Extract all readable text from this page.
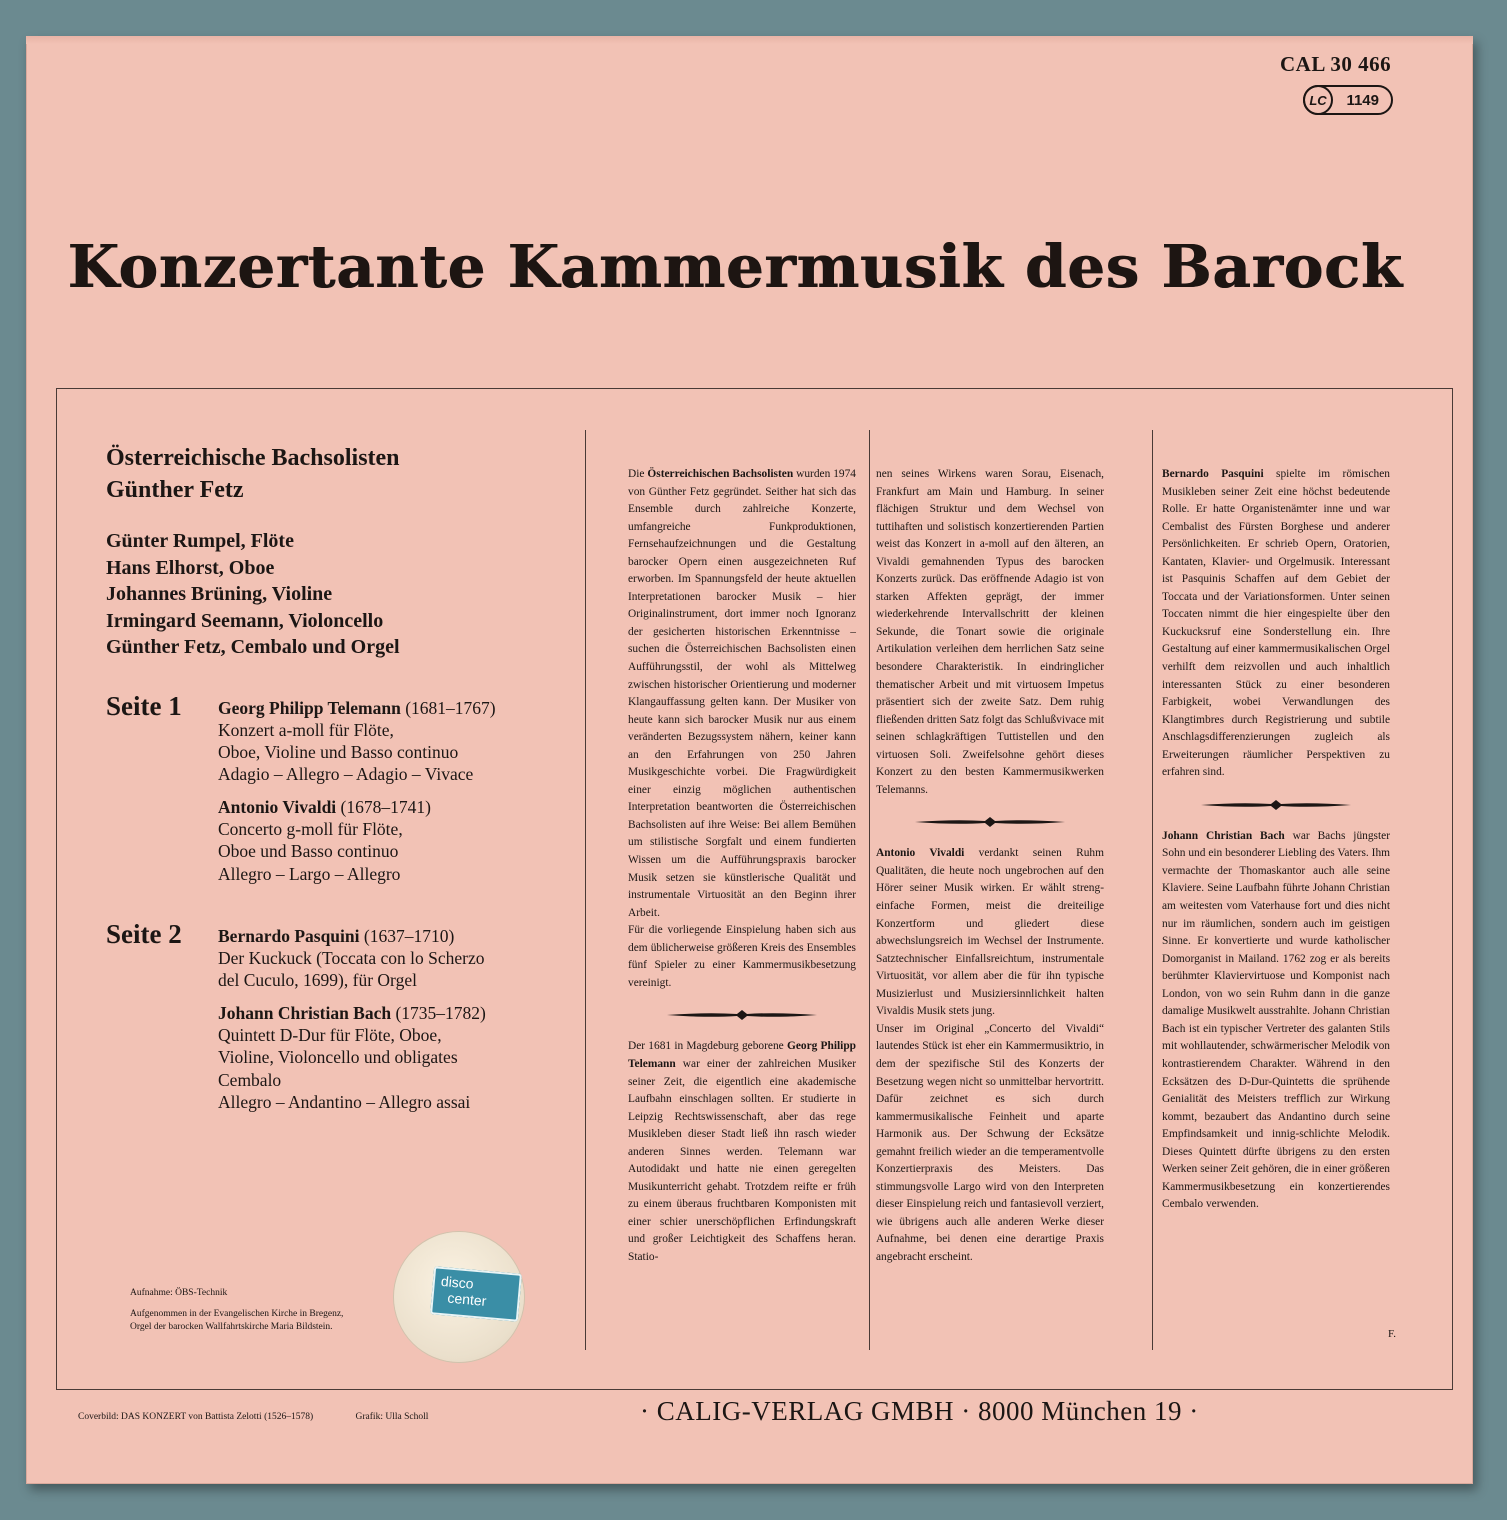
CAL 30 466
LC	1149
Konzertante Kammermusik des Barock
Österreichische Bachsolisten
Günther Fetz
Günter Rumpel, Flöte
Hans Elhorst, Oboe
Johannes Brüning, Violine
Irmingard Seemann, Violoncello
Günther Fetz, Cembalo und Orgel
Seite 1 Georg Philipp Telemann (1681–1767)
Konzert a-moll für Flöte,
Oboe, Violine und Basso continuo
Adagio – Allegro – Adagio – Vivace
Antonio Vivaldi (1678–1741)
Concerto g-moll für Flöte,
Oboe und Basso continuo
Allegro – Largo – Allegro
Seite 2 Bernardo Pasquini (1637–1710)
Der Kuckuck (Toccata con lo Scherzo
del Cuculo, 1699), für Orgel
Johann Christian Bach (1735–1782)
Quintett D-Dur für Flöte, Oboe,
Violine, Violoncello und obligates
Cembalo
Allegro – Andantino – Allegro assai
Aufnahme: ÖBS-Technik
Aufgenommen in der Evangelischen Kirche in Bregenz,
Orgel der barocken Wallfahrtskirche Maria Bildstein.
disco
center

Die Österreichischen Bachsolisten wurden 1974 von Günther Fetz gegründet. Seither hat sich das Ensemble durch zahlreiche Konzerte, umfangreiche Funkproduktionen, Fernsehaufzeichnungen und die Gestaltung barocker Opern einen ausgezeichneten Ruf erworben. Im Spannungsfeld der heute aktuellen Interpretationen barocker Musik – hier Originalinstrument, dort immer noch Ignoranz der gesicherten historischen Erkenntnisse – suchen die Österreichischen Bachsolisten einen Aufführungsstil, der wohl als Mittelweg zwischen historischer Orientierung und moderner Klangauffassung gelten kann. Der Musiker von heute kann sich barocker Musik nur aus einem veränderten Bezugssystem nähern, keiner kann an den Erfahrungen von 250 Jahren Musikgeschichte vorbei. Die Fragwürdigkeit einer einzig möglichen authentischen Interpretation beantworten die Österreichischen Bachsolisten auf ihre Weise: Bei allem Bemühen um stilistische Sorgfalt und einem fundierten Wissen um die Aufführungspraxis barocker Musik setzen sie künstlerische Qualität und instrumentale Virtuosität an den Beginn ihrer Arbeit.

Für die vorliegende Einspielung haben sich aus dem üblicherweise größeren Kreis des Ensembles fünf Spieler zu einer Kammermusikbesetzung vereinigt.

Der 1681 in Magdeburg geborene Georg Philipp Telemann war einer der zahlreichen Musiker seiner Zeit, die eigentlich eine akademische Laufbahn einschlagen sollten. Er studierte in Leipzig Rechtswissenschaft, aber das rege Musikleben dieser Stadt ließ ihn rasch wieder anderen Sinnes werden. Telemann war Autodidakt und hatte nie einen geregelten Musikunterricht gehabt. Trotzdem reifte er früh zu einem überaus fruchtbaren Komponisten mit einer schier unerschöpflichen Erfindungskraft und großer Leichtigkeit des Schaffens heran. Statio-

nen seines Wirkens waren Sorau, Eisenach, Frankfurt am Main und Hamburg. In seiner flächigen Struktur und dem Wechsel von tuttihaften und solistisch konzertierenden Partien weist das Konzert in a-moll auf den älteren, an Vivaldi gemahnenden Typus des barocken Konzerts zurück. Das eröffnende Adagio ist von starken Affekten geprägt, der immer wiederkehrende Intervallschritt der kleinen Sekunde, die Tonart sowie die originale Artikulation verleihen dem herrlichen Satz seine besondere Charakteristik. In eindringlicher thematischer Arbeit und mit virtuosem Impetus präsentiert sich der zweite Satz. Dem ruhig fließenden dritten Satz folgt das Schlußvivace mit seinen schlagkräftigen Tuttistellen und den virtuosen Soli. Zweifelsohne gehört dieses Konzert zu den besten Kammermusikwerken Telemanns.

Antonio Vivaldi verdankt seinen Ruhm Qualitäten, die heute noch ungebrochen auf den Hörer seiner Musik wirken. Er wählt streng-einfache Formen, meist die dreiteilige Konzertform und gliedert diese abwechslungsreich im Wechsel der Instrumente. Satztechnischer Einfallsreichtum, instrumentale Virtuosität, vor allem aber die für ihn typische Musizierlust und Musiziersinnlichkeit halten Vivaldis Musik stets jung.

Unser im Original „Concerto del Vivaldi“ lautendes Stück ist eher ein Kammermusiktrio, in dem der spezifische Stil des Konzerts der Besetzung wegen nicht so unmittelbar hervortritt. Dafür zeichnet es sich durch kammermusikalische Feinheit und aparte Harmonik aus. Der Schwung der Ecksätze gemahnt freilich wieder an die temperamentvolle Konzertierpraxis des Meisters. Das stimmungsvolle Largo wird von den Interpreten dieser Einspielung reich und fantasievoll verziert, wie übrigens auch alle anderen Werke dieser Aufnahme, bei denen eine derartige Praxis angebracht erscheint.

Bernardo Pasquini spielte im römischen Musikleben seiner Zeit eine höchst bedeutende Rolle. Er hatte Organistenämter inne und war Cembalist des Fürsten Borghese und anderer Persönlichkeiten. Er schrieb Opern, Oratorien, Kantaten, Klavier- und Orgelmusik. Interessant ist Pasquinis Schaffen auf dem Gebiet der Toccata und der Variationsformen. Unter seinen Toccaten nimmt die hier eingespielte über den Kuckucksruf eine Sonderstellung ein. Ihre Gestaltung auf einer kammermusikalischen Orgel verhilft dem reizvollen und auch inhaltlich interessanten Stück zu einer besonderen Farbigkeit, wobei Verwandlungen des Klangtimbres durch Registrierung und subtile Anschlagsdifferenzierungen zugleich als Erweiterungen räumlicher Perspektiven zu erfahren sind.

Johann Christian Bach war Bachs jüngster Sohn und ein besonderer Liebling des Vaters. Ihm vermachte der Thomaskantor auch alle seine Klaviere. Seine Laufbahn führte Johann Christian am weitesten vom Vaterhause fort und dies nicht nur im räumlichen, sondern auch im geistigen Sinne. Er konvertierte und wurde katholischer Domorganist in Mailand. 1762 zog er als bereits berühmter Klaviervirtuose und Komponist nach London, von wo sein Ruhm dann in die ganze damalige Musikwelt ausstrahlte. Johann Christian Bach ist ein typischer Vertreter des galanten Stils mit wohllautender, schwärmerischer Melodik von kontrastierendem Charakter. Während in den Ecksätzen des D-Dur-Quintetts die sprühende Genialität des Meisters trefflich zur Wirkung kommt, bezaubert das Andantino durch seine Empfindsamkeit und innig-schlichte Melodik. Dieses Quintett dürfte übrigens zu den ersten Werken seiner Zeit gehören, die in einer größeren Kammermusikbesetzung ein konzertierendes Cembalo verwenden.

F.
Coverbild: DAS KONZERT von Battista Zelotti (1526–1578)	Grafik: Ulla Scholl	· CALIG-VERLAG GMBH · 8000 München 19 ·
